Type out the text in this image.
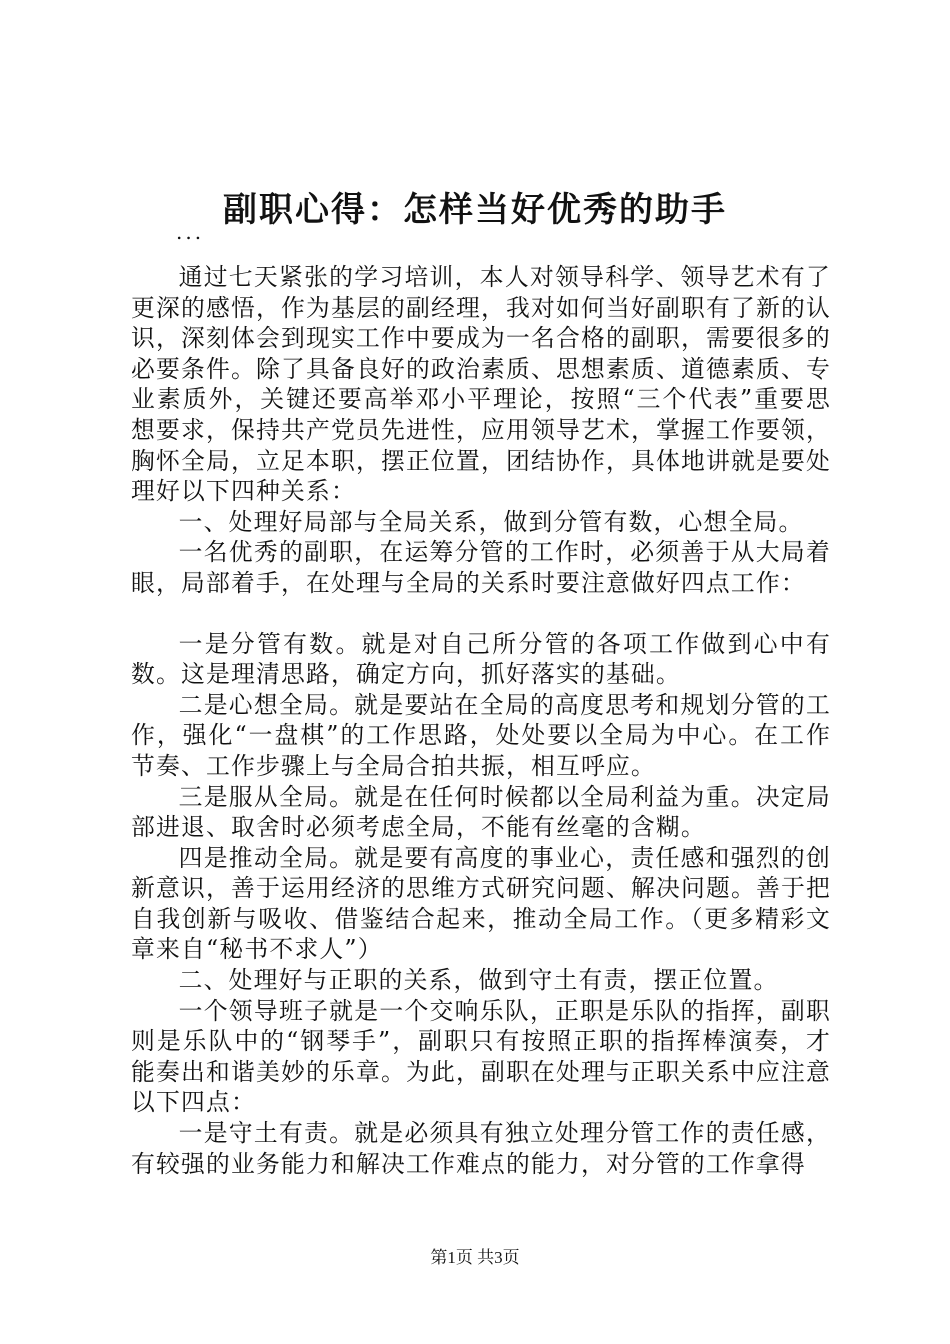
副职心得：怎样当好优秀的助手
...

通过七天紧张的学习培训，本人对领导科学、领导艺术有了更深的感悟，作为基层的副经理，我对如何当好副职有了新的认识，深刻体会到现实工作中要成为一名合格的副职，需要很多的必要条件。除了具备良好的政治素质、思想素质、道德素质、专业素质外，关键还要高举邓小平理论，按照“三个代表”重要思想要求，保持共产党员先进性，应用领导艺术，掌握工作要领，胸怀全局，立足本职，摆正位置，团结协作，具体地讲就是要处理好以下四种关系：

一、处理好局部与全局关系，做到分管有数，心想全局。

一名优秀的副职，在运筹分管的工作时，必须善于从大局着眼，局部着手，在处理与全局的关系时要注意做好四点工作：

一是分管有数。就是对自己所分管的各项工作做到心中有数。这是理清思路，确定方向，抓好落实的基础。

二是心想全局。就是要站在全局的高度思考和规划分管的工作，强化“一盘棋”的工作思路，处处要以全局为中心。在工作节奏、工作步骤上与全局合拍共振，相互呼应。

三是服从全局。就是在任何时候都以全局利益为重。决定局部进退、取舍时必须考虑全局，不能有丝毫的含糊。

四是推动全局。就是要有高度的事业心，责任感和强烈的创新意识，善于运用经济的思维方式研究问题、解决问题。善于把自我创新与吸收、借鉴结合起来，推动全局工作。（更多精彩文章来自“秘书不求人”）

二、处理好与正职的关系，做到守土有责，摆正位置。

一个领导班子就是一个交响乐队，正职是乐队的指挥，副职则是乐队中的“钢琴手”，副职只有按照正职的指挥棒演奏，才能奏出和谐美妙的乐章。为此，副职在处理与正职关系中应注意以下四点：

一是守土有责。就是必须具有独立处理分管工作的责任感，有较强的业务能力和解决工作难点的能力，对分管的工作拿得

第1页 共3页
